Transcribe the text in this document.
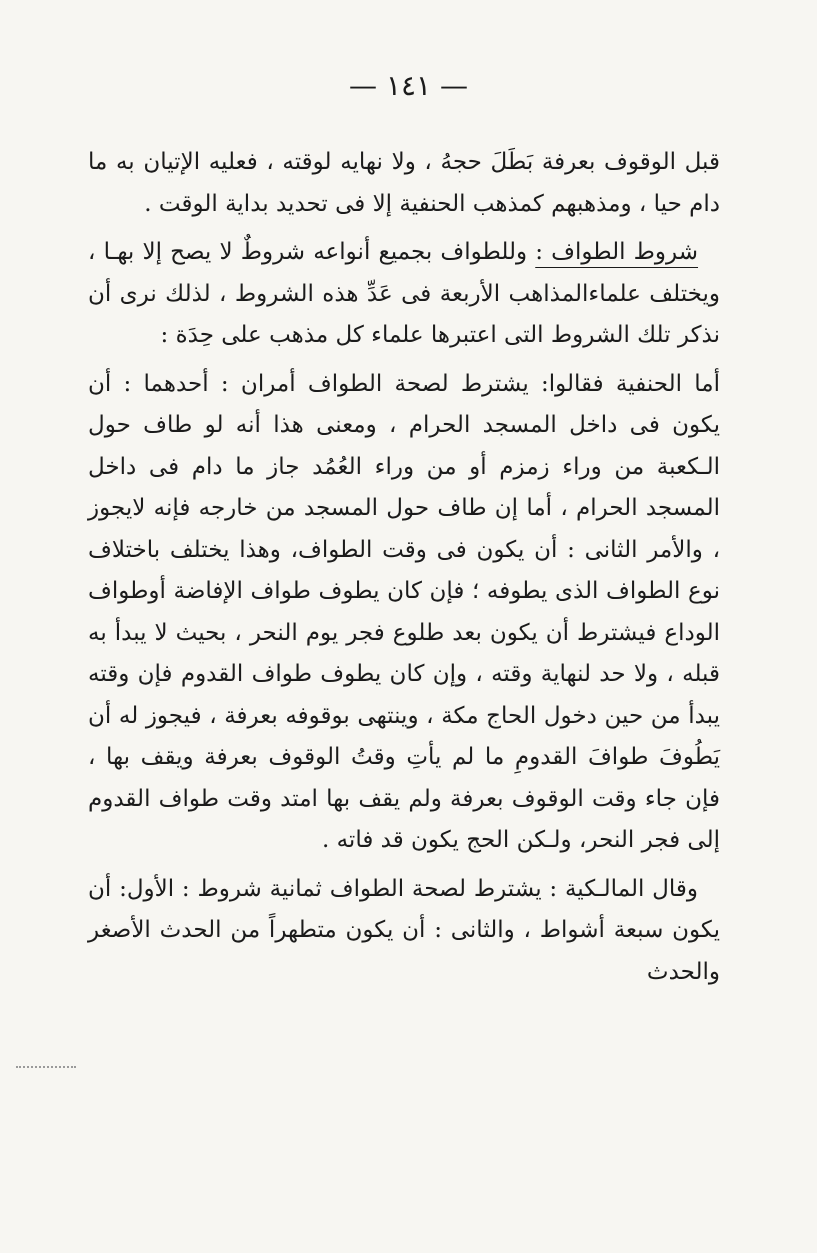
— ١٤١ —

قبل الوقوف بعرفة بَطَلَ حجهُ ، ولا نهايه لوقته ، فعليه الإتيان به ما دام حيا ، ومذهبهم كمذهب الحنفية إلا فى تحديد بداية الوقت .

شروط الطواف : وللطواف بجميع أنواعه شروطٌ لا يصح إلا بهـا ، ويختلف علماءالمذاهب الأربعة فى عَدِّ هذه الشروط ، لذلك نرى أن نذكر تلك الشروط التى اعتبرها علماء كل مذهب على حِدَة :

أما الحنفية فقالوا: يشترط لصحة الطواف أمران : أحدهما : أن يكون فى داخل المسجد الحرام ، ومعنى هذا أنه لو طاف حول الـكعبة من وراء زمزم أو من وراء العُمُد جاز ما دام فى داخل المسجد الحرام ، أما إن طاف حول المسجد من خارجه فإنه لايجوز ، والأمر الثانى : أن يكون فى وقت الطواف، وهذا يختلف باختلاف نوع الطواف الذى يطوفه ؛ فإن كان يطوف طواف الإفاضة أوطواف الوداع فيشترط أن يكون بعد طلوع فجر يوم النحر ، بحيث لا يبدأ به قبله ، ولا حد لنهاية وقته ، وإن كان يطوف طواف القدوم فإن وقته يبدأ من حين دخول الحاج مكة ، وينتهى بوقوفه بعرفة ، فيجوز له أن يَطُوفَ طوافَ القدومِ ما لم يأتِ وقتُ الوقوف بعرفة ويقف بها ، فإن جاء وقت الوقوف بعرفة ولم يقف بها امتد وقت طواف القدوم إلى فجر النحر، ولـكن الحج يكون قد فاته .

وقال المالـكية : يشترط لصحة الطواف ثمانية شروط : الأول: أن يكون سبعة أشواط ، والثانى : أن يكون متطهراً من الحدث الأصغر والحدث
